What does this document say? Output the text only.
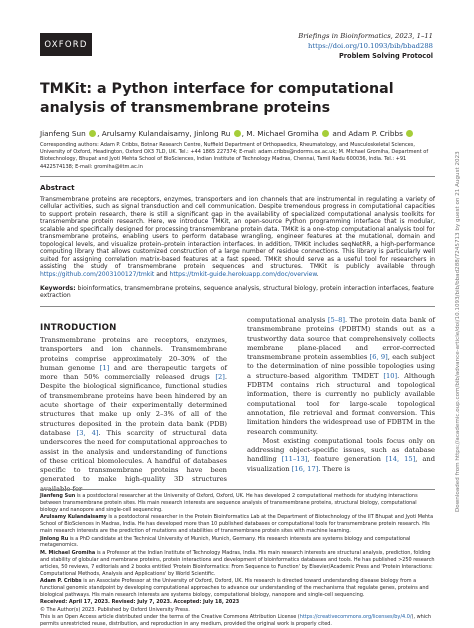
OXFORD
Briefings in Bioinformatics, 2023, 1–11
https://doi.org/10.1093/bib/bbad288
Problem Solving Protocol
TMKit: a Python interface for computational analysis of transmembrane proteins
Jianfeng Sun , Arulsamy Kulandaisamy, Jinlong Ru , M. Michael Gromiha and Adam P. Cribbs
Corresponding authors: Adam P. Cribbs, Botnar Research Centre, Nuffield Department of Orthopaedics, Rheumatology, and Musculoskeletal Sciences, University of Oxford, Headington, Oxford OX3 7LD, UK. Tel.: +44 1865 227374; E-mail: adam.cribbs@ndorms.ox.ac.uk; M. Michael Gromiha, Department of Biotechnology, Bhupat and Jyoti Mehta School of BioSciences, Indian Institute of Technology Madras, Chennai, Tamil Nadu 600036, India. Tel.: +91 4422574138; E-mail: gromiha@iitm.ac.in
Abstract
Transmembrane proteins are receptors, enzymes, transporters and ion channels that are instrumental in regulating a variety of cellular activities, such as signal transduction and cell communication. Despite tremendous progress in computational capacities to support protein research, there is still a significant gap in the availability of specialized computational analysis toolkits for transmembrane protein research. Here, we introduce TMKit, an open-source Python programming interface that is modular, scalable and specifically designed for processing transmembrane protein data. TMKit is a one-stop computational analysis tool for transmembrane proteins, enabling users to perform database wrangling, engineer features at the mutational, domain and topological levels, and visualize protein–protein interaction interfaces. In addition, TMKit includes seqNetRR, a high-performance computing library that allows customized construction of a large number of residue connections. This library is particularly well suited for assigning correlation matrix-based features at a fast speed. TMKit should serve as a useful tool for researchers in assisting the study of transmembrane protein sequences and structures. TMKit is publicly available through https://github.com/2003100127/tmkit and https://tmkit-guide.herokuapp.com/doc/overview.
Keywords: bioinformatics, transmembrane proteins, sequence analysis, structural biology, protein interaction interfaces, feature extraction
INTRODUCTION
Transmembrane proteins are receptors, enzymes, transporters and ion channels. Transmembrane proteins comprise approximately 20–30% of the human genome [1] and are therapeutic targets of more than 50% commercially released drugs [2]. Despite the biological significance, functional studies of transmembrane proteins have been hindered by an acute shortage of their experimentally determined structures that make up only 2–3% of all of the structures deposited in the protein data bank (PDB) database [3, 4]. This scarcity of structural data underscores the need for computational approaches to assist in the analysis and understanding of functions of these critical biomolecules. A handful of databases specific to transmembrane proteins have been generated to make high-quality 3D structures available for
computational analysis [5–8]. The protein data bank of transmembrane proteins (PDBTM) stands out as a trustworthy data source that comprehensively collects membrane plane-placed and error-corrected transmembrane protein assemblies [6, 9], each subject to the determination of nine possible topologies using a structure-based algorithm TMDET [10]. Although FDBTM contains rich structural and topological information, there is currently no publicly available computational tool for large-scale topological annotation, file retrieval and format conversion. This limitation hinders the widespread use of FDBTM in the research community.
Most existing computational tools focus only on addressing object-specific issues, such as database handling [11–13], feature generation [14, 15], and visualization [16, 17]. There is

Jianfeng Sun is a postdoctoral researcher at the University of Oxford, Oxford, UK. He has developed 2 computational methods for studying interactions between transmembrane protein sites. His main research interests are sequence analysis of transmembrane proteins, structural biology, computational biology and nanopore and single-cell sequencing.

Arulsamy Kulandaisamy is a postdoctoral researcher in the Protein Bioinformatics Lab at the Department of Biotechnology of the IIT Bhupat and Jyoti Mehta School of BioSciences in Madras, India. He has developed more than 10 published databases or computational tools for transmembrane protein research. His main research interests are the prediction of mutations and stabilities of transmembrane protein sites with machine learning.

Jinlong Ru is a PhD candidate at the Technical University of Munich, Munich, Germany. His research interests are systems biology and computational metagenomics.

M. Michael Gromiha is a Professor at the Indian Institute of Technology Madras, India. His main research interests are structural analysis, prediction, folding and stability of globular and membrane proteins, protein interactions and development of bioinformatics databases and tools. He has published >250 research articles, 50 reviews, 7 editorials and 2 books entitled 'Protein Bioinformatics: From Sequence to Function' by Elsevier/Academic Press and 'Protein Interactions: Computational Methods, Analysis and Applications' by World Scientific.

Adam P. Cribbs is an Associate Professor at the University of Oxford, Oxford, UK. His research is directed toward understanding disease biology from a functional genomic standpoint by developing computational approaches to advance our understanding of the mechanisms that regulate genes, proteins and biological pathways. His main research interests are systems biology, computational biology, nanopore and single-cell sequencing.

Received: April 17, 2023. Revised: July 7, 2023. Accepted: July 18, 2023

© The Author(s) 2023. Published by Oxford University Press.

This is an Open Access article distributed under the terms of the Creative Commons Attribution License (https://creativecommons.org/licenses/by/4.0/), which permits unrestricted reuse, distribution, and reproduction in any medium, provided the original work is properly cited.

Downloaded from https://academic.oup.com/bib/advance-article/doi/10.1093/bib/bbad288/7245713 by guest on 21 August 2023
